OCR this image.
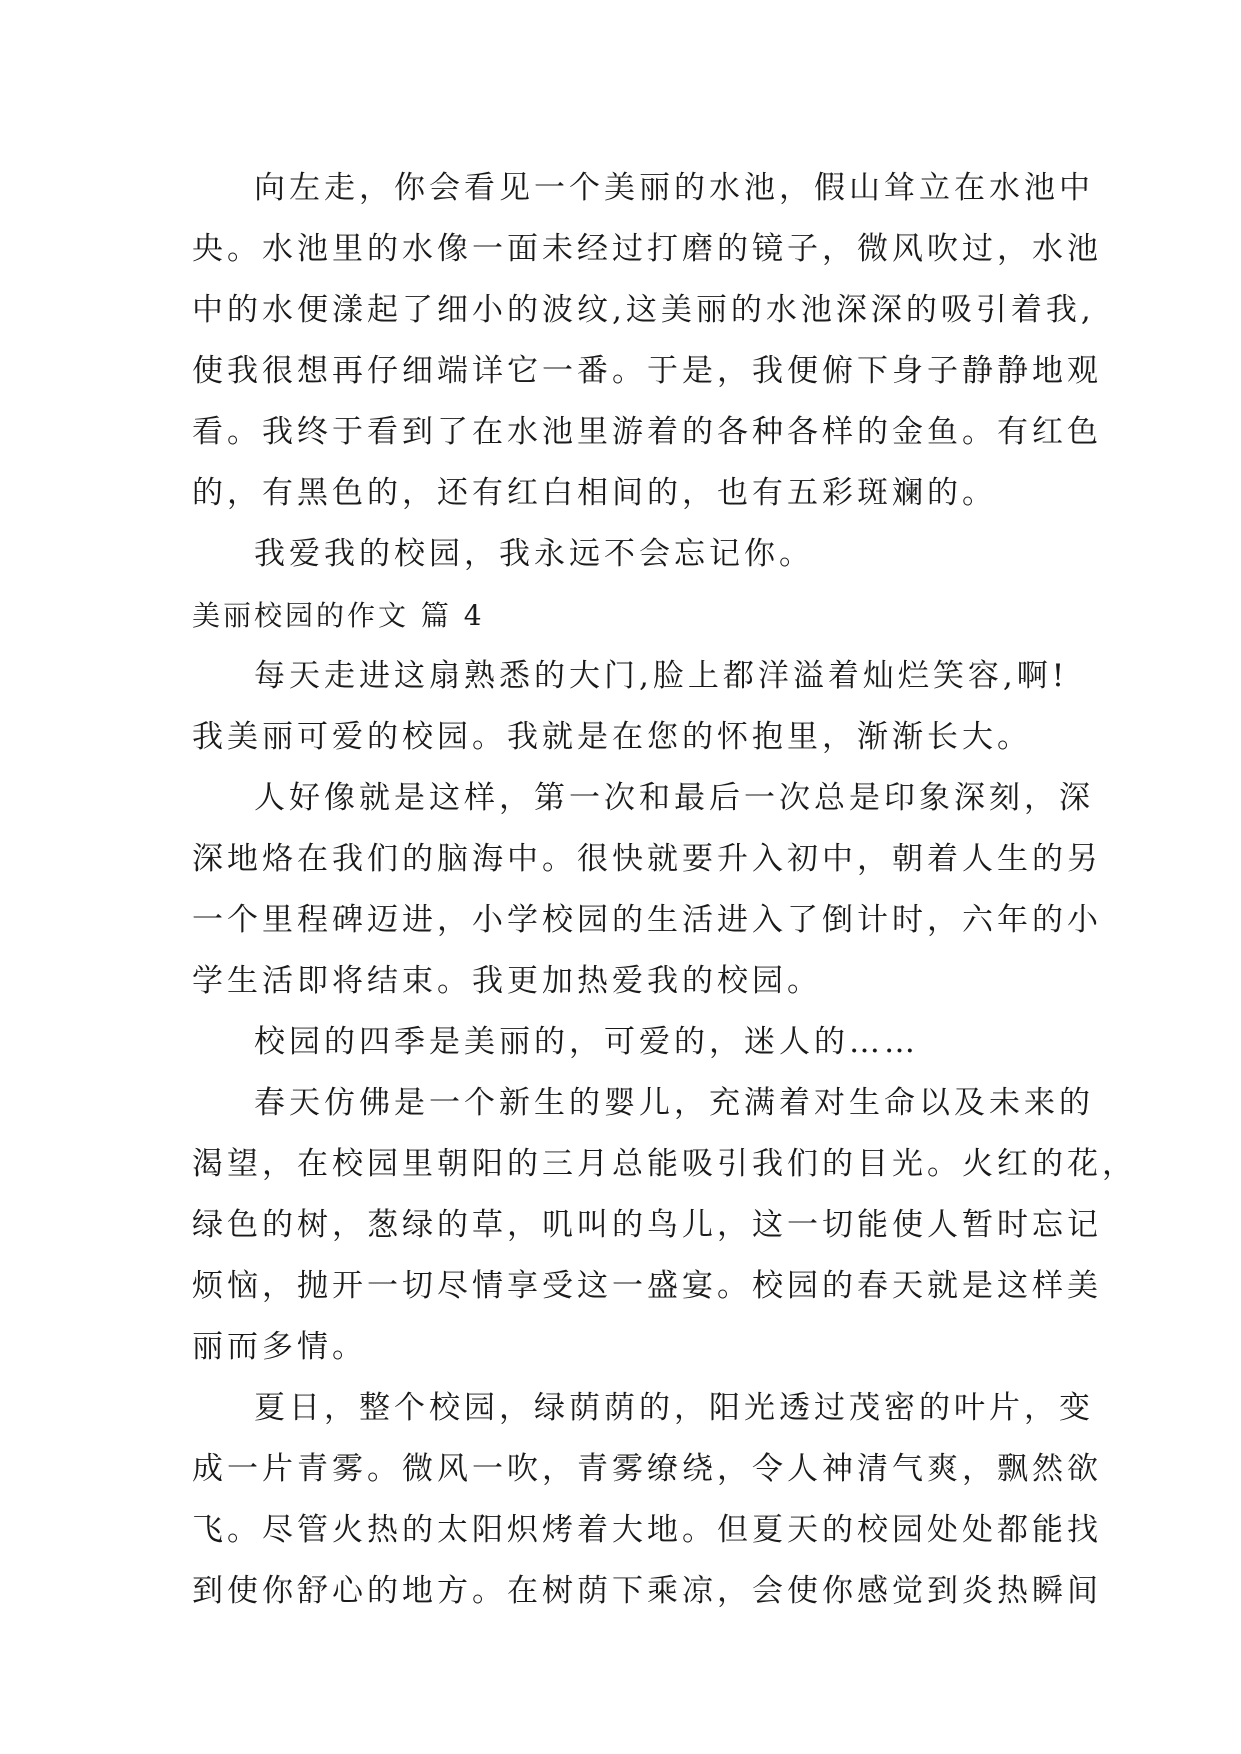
向左走，你会看见一个美丽的水池，假山耸立在水池中
央。水池里的水像一面未经过打磨的镜子，微风吹过，水池
中的水便漾起了细小的波纹,这美丽的水池深深的吸引着我,
使我很想再仔细端详它一番。于是，我便俯下身子静静地观
看。我终于看到了在水池里游着的各种各样的金鱼。有红色
的，有黑色的，还有红白相间的，也有五彩斑斓的。
我爱我的校园，我永远不会忘记你。
美丽校园的作文 篇 4
每天走进这扇熟悉的大门,脸上都洋溢着灿烂笑容,啊!
我美丽可爱的校园。我就是在您的怀抱里，渐渐长大。
人好像就是这样，第一次和最后一次总是印象深刻，深
深地烙在我们的脑海中。很快就要升入初中，朝着人生的另
一个里程碑迈进，小学校园的生活进入了倒计时，六年的小
学生活即将结束。我更加热爱我的校园。
校园的四季是美丽的，可爱的，迷人的……
春天仿佛是一个新生的婴儿，充满着对生命以及未来的
渴望，在校园里朝阳的三月总能吸引我们的目光。火红的花，
绿色的树，葱绿的草，叽叫的鸟儿，这一切能使人暂时忘记
烦恼，抛开一切尽情享受这一盛宴。校园的春天就是这样美
丽而多情。
夏日，整个校园，绿荫荫的，阳光透过茂密的叶片，变
成一片青雾。微风一吹，青雾缭绕，令人神清气爽，飘然欲
飞。尽管火热的太阳炽烤着大地。但夏天的校园处处都能找
到使你舒心的地方。在树荫下乘凉，会使你感觉到炎热瞬间
